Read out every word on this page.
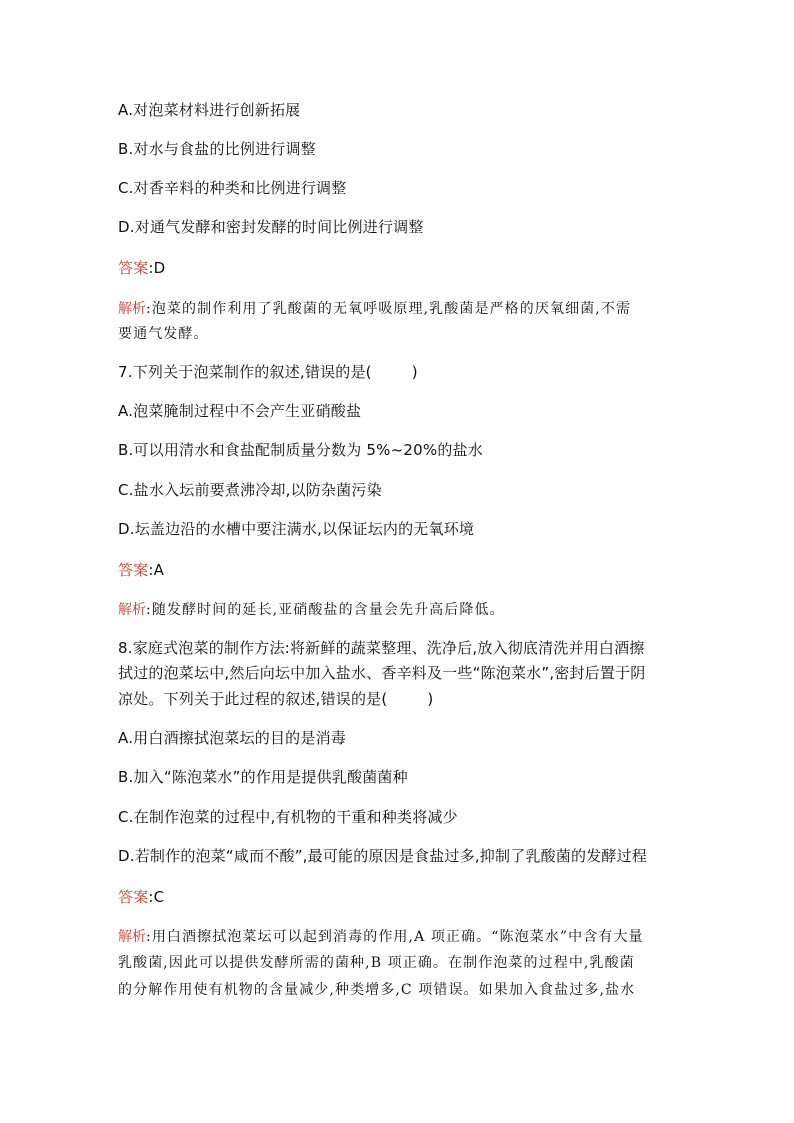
A.对泡菜材料进行创新拓展
B.对水与食盐的比例进行调整
C.对香辛料的种类和比例进行调整
D.对通气发酵和密封发酵的时间比例进行调整
答案:D
解析:泡菜的制作利用了乳酸菌的无氧呼吸原理,乳酸菌是严格的厌氧细菌,不需
要通气发酵。
7.下列关于泡菜制作的叙述,错误的是(	)
A.泡菜腌制过程中不会产生亚硝酸盐
B.可以用清水和食盐配制质量分数为 5%~20%的盐水
C.盐水入坛前要煮沸冷却,以防杂菌污染
D.坛盖边沿的水槽中要注满水,以保证坛内的无氧环境
答案:A
解析:随发酵时间的延长,亚硝酸盐的含量会先升高后降低。
8.家庭式泡菜的制作方法:将新鲜的蔬菜整理、洗净后,放入彻底清洗并用白酒擦
拭过的泡菜坛中,然后向坛中加入盐水、香辛料及一些“陈泡菜水”,密封后置于阴
凉处。下列关于此过程的叙述,错误的是(	)
A.用白酒擦拭泡菜坛的目的是消毒
B.加入“陈泡菜水”的作用是提供乳酸菌菌种
C.在制作泡菜的过程中,有机物的干重和种类将减少
D.若制作的泡菜“咸而不酸”,最可能的原因是食盐过多,抑制了乳酸菌的发酵过程
答案:C
解析:用白酒擦拭泡菜坛可以起到消毒的作用,A 项正确。“陈泡菜水”中含有大量
乳酸菌,因此可以提供发酵所需的菌种,B 项正确。在制作泡菜的过程中,乳酸菌
的分解作用使有机物的含量减少,种类增多,C 项错误。如果加入食盐过多,盐水
